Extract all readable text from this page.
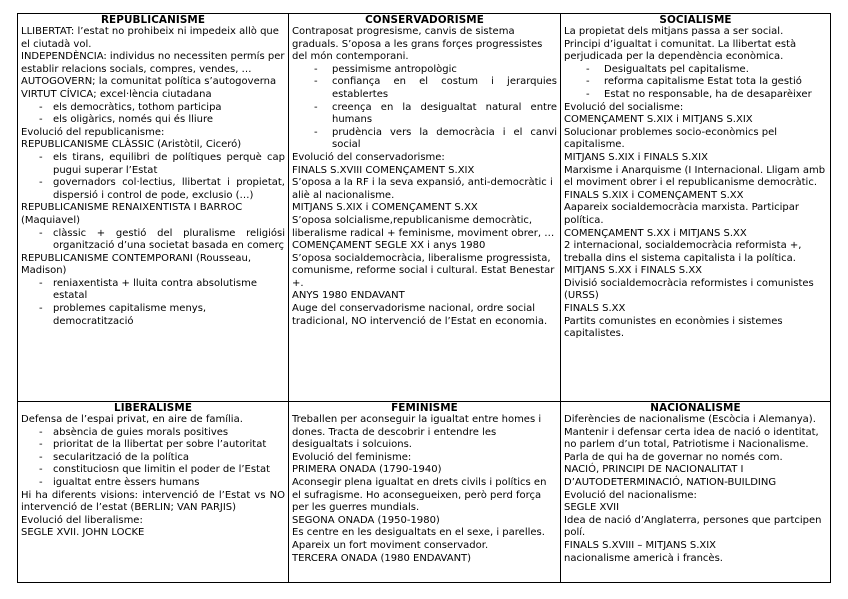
REPUBLICANISME
LLIBERTAT: l’estat no prohibeix ni impedeix allò que el ciutadà vol.
INDEPENDÈNCIA: individus no necessiten permís per establir relacions socials, compres, vendes, …
AUTOGOVERN; la comunitat política s’autogoverna
VIRTUT CÍVICA; excel·lència ciutadana
- els democràtics, tothom participa
- els oligàrics, només qui és lliure
Evolució del republicanisme:
REPUBLICANISME CLÀSSIC (Aristòtil, Ciceró)
- els tirans, equilibri de polítiques perquè cap pugui superar l’Estat
- governadors col·lectius, llibertat i propietat, dispersió i control de pode, exclusio (…)
REPUBLICANISME RENAIXENTISTA I BARROC (Maquiavel)
- clàssic + gestió del pluralisme religiósi organització d’una societat basada en comerç
REPUBLICANISME CONTEMPORANI (Rousseau, Madison)
- reniaxentista + lluita contra absolutisme estatal
- problemes capitalisme menys, democratització
CONSERVADORISME
Contraposat progresisme, canvis de sistema graduals. S’oposa a les grans forçes progressistes del món contemporani.
- pessimisme antropològic
- confiança en el costum i jerarquies establertes
- creença en la desigualtat natural entre humans
- prudència vers la democràcia i el canvi social
Evolució del conservadorisme:
FINALS S.XVIII COMENÇAMENT S.XIX
S’oposa a la RF i la seva expansió, anti-democràtic i aliè al nacionalisme.
MITJANS S.XIX i COMENÇAMENT S.XX
S’oposa solcialisme,republicanisme democràtic, liberalisme radical + feminisme, moviment obrer, …
COMENÇAMENT SEGLE XX i anys 1980
S’oposa socialdemocràcia, liberalisme progressista, comunisme, reforme social i cultural. Estat Benestar +.
ANYS 1980 ENDAVANT
Auge del conservadorisme nacional, ordre social tradicional, NO intervenció de l’Estat en economia.
SOCIALISME
La propietat dels mitjans passa a ser social.
Principi d’igualtat i comunitat. La llibertat està perjudicada per la dependència econòmica.
- Desigualtats pel capitalisme.
- reforma capitalisme Estat tota la gestió
- Estat no responsable, ha de desaparèixer
Evolució del socialisme:
COMENÇAMENT S.XIX i MITJANS S.XIX
Solucionar problemes socio-econòmics pel capitalisme.
MITJANS S.XIX i FINALS S.XIX
Marxisme i Anarquisme (I Internacional. Lligam amb el moviment obrer i el republicanisme democràtic.
FINALS S.XIX i COMENÇAMENT S.XX
Aapareix socialdemocràcia marxista. Participar política.
COMENÇAMENT S.XX i MITJANS S.XX
2 internacional, socialdemocràcia reformista +, treballa dins el sistema capitalista i la política.
MITJANS S.XX i FINALS S.XX
Divisió socialdemocràcia reformistes i comunistes (URSS)
FINALS S.XX
Partits comunistes en econòmies i sistemes capitalistes.
LIBERALISME
Defensa de l’espai privat, en aire de família.
- absència de guies morals positives
- prioritat de la llibertat per sobre l’autoritat
- secularització de la política
- constituciosn que limitin el poder de l’Estat
- igualtat entre èssers humans
Hi ha diferents visions: intervenció de l’Estat vs NO intervenció de l’estat (BERLIN; VAN PARJIS)
Evolució del liberalisme:
SEGLE XVII. JOHN LOCKE
FEMINISME
Treballen per aconseguir la igualtat entre homes i dones. Tracta de descobrir i entendre les desigualtats i solcuions.
Evolució del feminisme:
PRIMERA ONADA (1790-1940)
Aconsegir plena igualtat en drets civils i polítics en el sufragisme. Ho aconsegueixen, però perd força per les guerres mundials.
SEGONA ONADA (1950-1980)
Es centre en les desigualtats en el sexe, i parelles. Apareix un fort moviment conservador.
TERCERA ONADA (1980 ENDAVANT)
NACIONALISME
Diferències de nacionalisme (Escòcia i Alemanya). Mantenir i defensar certa idea de nació o identitat, no parlem d’un total, Patriotisme i Nacionalisme.
Parla de qui ha de governar no només com.
NACIÓ, PRINCIPI DE NACIONALITAT I D’AUTODETERMINACIÓ, NATION-BUILDING
Evolució del nacionalisme:
SEGLE XVII
Idea de nació d’Anglaterra, persones que partcipen polí.
FINALS S.XVIII – MITJANS S.XIX
nacionalisme americà i francès.
